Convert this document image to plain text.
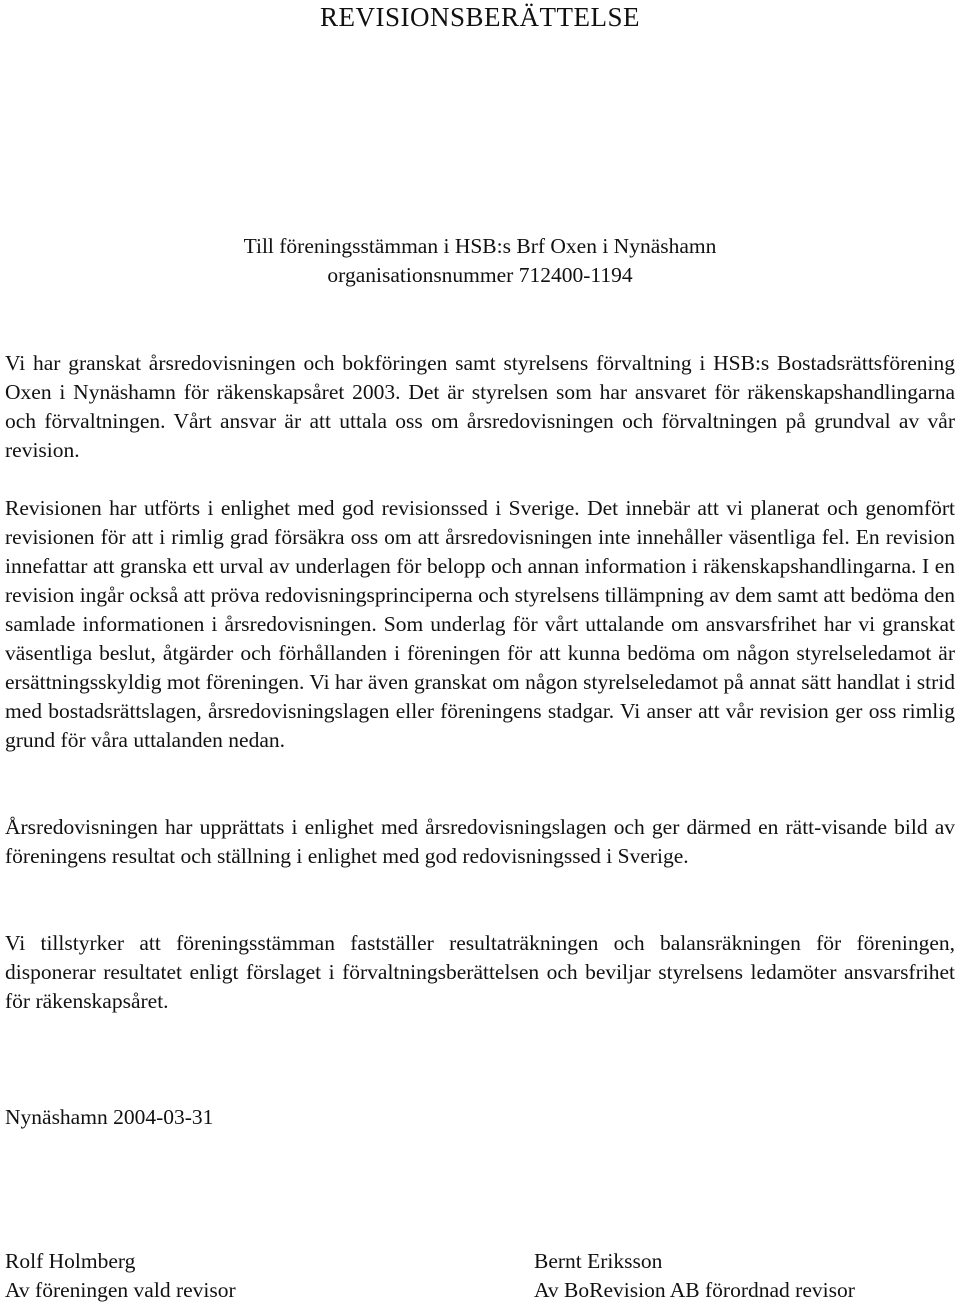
REVISIONSBERÄTTELSE
Till föreningsstämman i HSB:s Brf Oxen i Nynäshamn
organisationsnummer 712400-1194

Vi har granskat årsredovisningen och bokföringen samt styrelsens förvaltning i HSB:s Bostadsrättsförening Oxen i Nynäshamn för räkenskapsåret 2003. Det är styrelsen som har ansvaret för räkenskapshandlingarna och förvaltningen. Vårt ansvar är att uttala oss om årsredovisningen och förvaltningen på grundval av vår revision.

Revisionen har utförts i enlighet med god revisionssed i Sverige. Det innebär att vi planerat och genomfört revisionen för att i rimlig grad försäkra oss om att årsredovisningen inte innehåller väsentliga fel. En revision innefattar att granska ett urval av underlagen för belopp och annan information i räkenskapshandlingarna. I en revision ingår också att pröva redovisningsprinciperna och styrelsens tillämpning av dem samt att bedöma den samlade informationen i årsredovisningen. Som underlag för vårt uttalande om ansvarsfrihet har vi granskat väsentliga beslut, åtgärder och förhållanden i föreningen för att kunna bedöma om någon styrelseledamot är ersättningsskyldig mot föreningen. Vi har även granskat om någon styrelseledamot på annat sätt handlat i strid med bostadsrättslagen, årsredovisningslagen eller föreningens stadgar. Vi anser att vår revision ger oss rimlig grund för våra uttalanden nedan.

Årsredovisningen har upprättats i enlighet med årsredovisningslagen och ger därmed en rätt-visande bild av föreningens resultat och ställning i enlighet med god redovisningssed i Sverige.

Vi tillstyrker att föreningsstämman fastställer resultaträkningen och balansräkningen för föreningen, disponerar resultatet enligt förslaget i förvaltningsberättelsen och beviljar styrelsens ledamöter ansvarsfrihet för räkenskapsåret.

Nynäshamn 2004-03-31
Rolf Holmberg
Av föreningen vald revisor
Bernt Eriksson
Av BoRevision AB förordnad revisor
